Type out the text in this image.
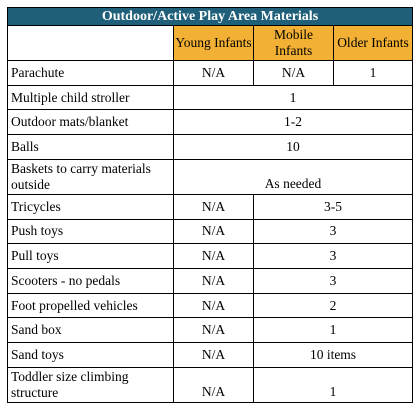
Outdoor/Active Play Area Materials			
	Young Infants	Mobile Infants	Older Infants
Parachute	N/A	N/A	1
Multiple child stroller	1		
Outdoor mats/blanket	1-2		
Balls	10		
Baskets to carry materials outside	As needed		
Tricycles	N/A	3-5	
Push toys	N/A	3	
Pull toys	N/A	3	
Scooters - no pedals	N/A	3	
Foot propelled vehicles	N/A	2	
Sand box	N/A	1	
Sand toys	N/A	10 items	
Toddler size climbing structure	N/A	1	
